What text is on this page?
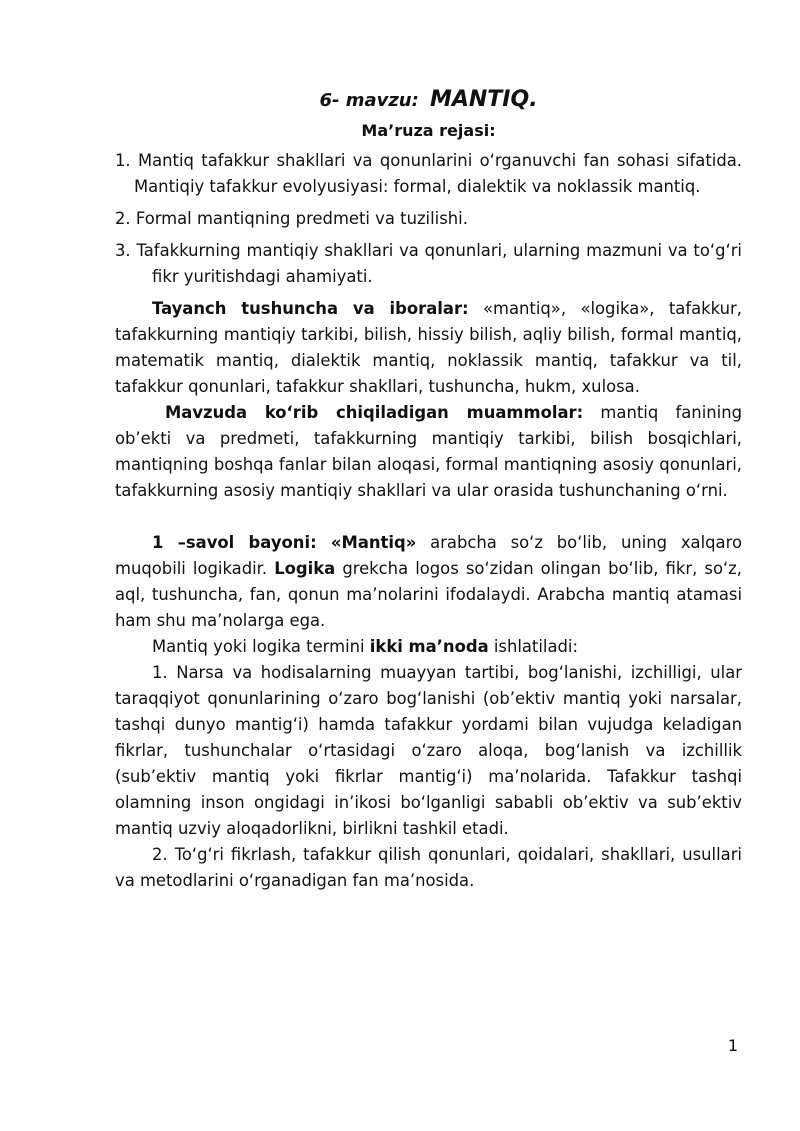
6- mavzu: MANTIQ.
Ma’ruza rejasi:

1. Mantiq tafakkur shakllari va qonunlarini o‘rganuvchi fan sohasi sifatida. Mantiqiy tafakkur evolyusiyasi: formal, dialektik va noklassik mantiq.

2. Formal mantiqning predmeti va tuzilishi.

3. Tafakkurning mantiqiy shakllari va qonunlari, ularning mazmuni va to‘g‘ri fikr yuritishdagi ahamiyati.

Tayanch tushuncha va iboralar: «mantiq», «logika», tafakkur, tafakkurning mantiqiy tarkibi, bilish, hissiy bilish, aqliy bilish, formal mantiq, matematik mantiq, dialektik mantiq, noklassik mantiq, tafakkur va til, tafakkur qonunlari, tafakkur shakllari, tushuncha, hukm, xulosa.

Mavzuda ko‘rib chiqiladigan muammolar: mantiq fanining ob’ekti va predmeti, tafakkurning mantiqiy tarkibi, bilish bosqichlari, mantiqning boshqa fanlar bilan aloqasi, formal mantiqning asosiy qonunlari, tafakkurning asosiy mantiqiy shakllari va ular orasida tushunchaning o‘rni.

1 –savol bayoni: «Mantiq» arabcha so‘z bo‘lib, uning xalqaro muqobili logikadir. Logika grekcha logos so‘zidan olingan bo‘lib, fikr, so‘z, aql, tushuncha, fan, qonun ma’nolarini ifodalaydi. Arabcha mantiq atamasi ham shu ma’nolarga ega.

Mantiq yoki logika termini ikki ma’noda ishlatiladi:

1. Narsa va hodisalarning muayyan tartibi, bog‘lanishi, izchilligi, ular taraqqiyot qonunlarining o‘zaro bog‘lanishi (ob’ektiv mantiq yoki narsalar, tashqi dunyo mantig‘i) hamda tafakkur yordami bilan vujudga keladigan fikrlar, tushunchalar o‘rtasidagi o‘zaro aloqa, bog‘lanish va izchillik (sub’ektiv mantiq yoki fikrlar mantig‘i) ma’nolarida. Tafakkur tashqi olamning inson ongidagi in’ikosi bo‘lganligi sababli ob’ektiv va sub’ektiv mantiq uzviy aloqadorlikni, birlikni tashkil etadi.

2. To‘g‘ri fikrlash, tafakkur qilish qonunlari, qoidalari, shakllari, usullari va metodlarini o‘rganadigan fan ma’nosida.

1
